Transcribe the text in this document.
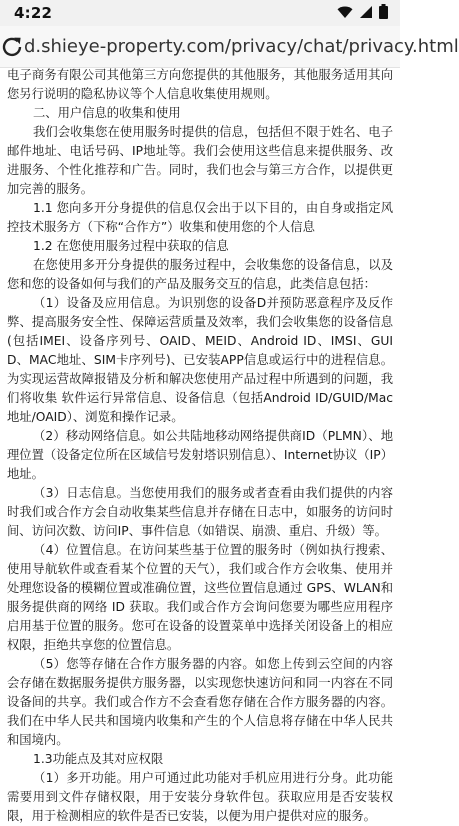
4:22
d.shieye-property.com/privacy/chat/privacy.html

电子商务有限公司其他第三方向您提供的其他服务，其他服务适用其向您另行说明的隐私协议等个人信息收集使用规则。

二、用户信息的收集和使用

我们会收集您在使用服务时提供的信息，包括但不限于姓名、电子邮件地址、电话号码、IP地址等。我们会使用这些信息来提供服务、改进服务、个性化推荐和广告。同时，我们也会与第三方合作，以提供更加完善的服务。

1.1 您向多开分身提供的信息仅会出于以下目的，由自身或指定风控技术服务方（下称“合作方”）收集和使用您的个人信息

1.2 在您使用服务过程中获取的信息

在您使用多开分身提供的服务过程中，会收集您的设备信息，以及您和您的设备如何与我们的产品及服务交互的信息，此类信息包括：

（1）设备及应用信息。为识别您的设备D并预防恶意程序及反作弊、提高服务安全性、保障运营质量及效率，我们会收集您的设备信息(包括IMEI、设备序列号、OAID、MEID、Android ID、IMSI、GUID、MAC地址、SIM卡序列号)、已安装APP信息或运行中的进程信息。为实现运营故障报错及分析和解决您使用产品过程中所遇到的问题，我们将收集 软件运行异常信息、设备信息（包括Android ID/GUID/Mac地址/OAID）、浏览和操作记录。

（2）移动网络信息。如公共陆地移动网络提供商ID（PLMN）、地理位置（设备定位所在区域信号发射塔识别信息）、Internet协议（IP）地址。

（3）日志信息。当您使用我们的服务或者查看由我们提供的内容时我们或合作方会自动收集某些信息并存储在日志中，如服务的访问时间、访问次数、访问IP、事件信息（如错误、崩溃、重启、升级）等。

（4）位置信息。在访问某些基于位置的服务时（例如执行搜索、使用导航软件或查看某个位置的天气），我们或合作方会收集、使用并处理您设备的模糊位置或准确位置，这些位置信息通过 GPS、WLAN和服务提供商的网络 ID 获取。我们或合作方会询问您要为哪些应用程序启用基于位置的服务。您可在设备的设置菜单中选择关闭设备上的相应权限，拒绝共享您的位置信息。

（5）您等存储在合作方服务器的内容。如您上传到云空间的内容会存储在数据服务提供方服务器，以实现您快速访问和同一内容在不同设备间的共享。我们或合作方不会查看您存储在合作方服务器的内容。 我们在中华人民共和国境内收集和产生的个人信息将存储在中华人民共和国境内。

1.3功能点及其对应权限

（1）多开功能。用户可通过此功能对手机应用进行分身。此功能需要用到文件存储权限，用于安装分身软件包。获取应用是否安装权限，用于检测相应的软件是否已安装，以便为用户提供对应的服务。
